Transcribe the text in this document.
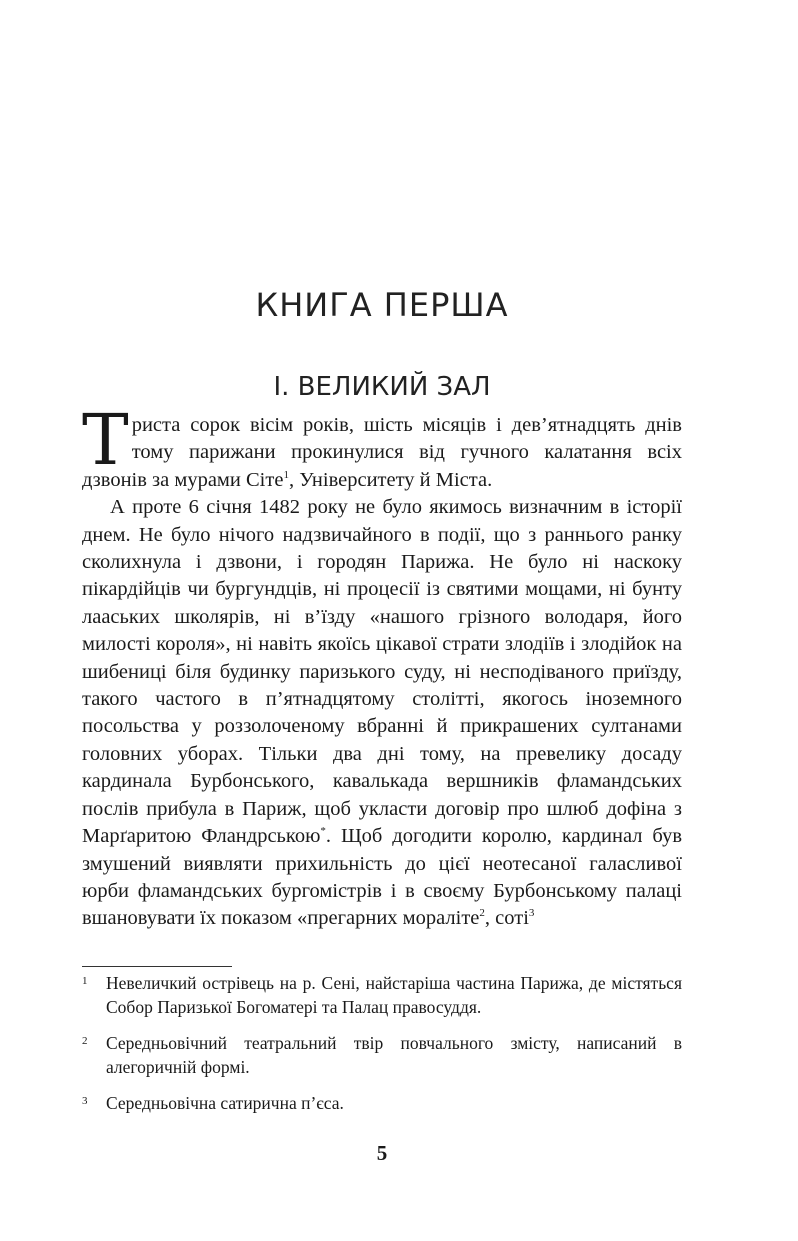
КНИГА ПЕРША
I. ВЕЛИКИЙ ЗАЛ

Триста сорок вісім років, шість місяців і дев’ятнадцять днів тому парижани прокинулися від гучного калатання всіх дзвонів за мурами Сіте$^1$, Університету й Міста.

А проте 6 січня 1482 року не було якимось визначним в історії днем. Не було нічого надзвичайного в події, що з раннього ранку сколихнула і дзвони, і городян Парижа. Не було ні наскоку пікардійців чи бургундців, ні процесії із святими мощами, ні бунту лааських школярів, ні в’їзду «нашого грізного володаря, його милості короля», ні навіть якоїсь цікавої страти злодіїв і злодійок на шибениці біля будинку паризького суду, ні несподіваного приїзду, такого частого в п’ятнадцятому столітті, якогось іноземного посольства у роззолоченому вбранні й прикрашених султанами головних уборах. Тільки два дні тому, на превелику досаду кардинала Бурбонського, кавалькада вершників фламандських послів прибула в Париж, щоб укласти договір про шлюб дофіна з Марґаритою Фландрською*. Щоб догодити королю, кардинал був змушений виявляти прихильність до цієї неотесаної галасливої юрби фламандських бургомістрів і в своєму Бурбонському палаці вшановувати їх показом «прегарних мораліте$^2$, соті$^3$

1 Невеличкий острівець на р. Сені, найстаріша частина Парижа, де містяться Собор Паризької Богоматері та Палац правосуддя.
2 Середньовічний театральний твір повчального змісту, написаний в алегоричній формі.
3 Середньовічна сатирична п’єса.
5
